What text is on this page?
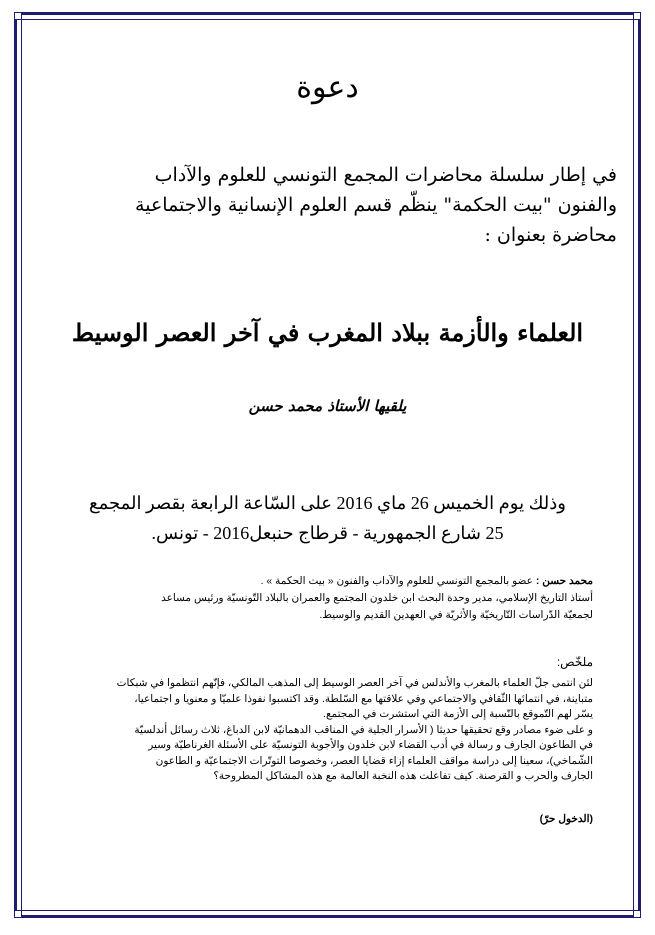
دعوة

في إطار سلسلة محاضرات المجمع التونسي للعلوم والآداب

والفنون "بيت الحكمة" ينظّم قسم العلوم الإنسانية والاجتماعية

محاضرة بعنوان :

العلماء والأزمة ببلاد المغرب في آخر العصر الوسيط
يلقيها الأستاذ محمد حسن

وذلك يوم الخميس 26 ماي 2016 على السّاعة الرابعة بقصر المجمع

25 شارع الجمهورية - قرطاج حنبعل2016 - تونس.

محمد حسن : عضو بالمجمع التونسي للعلوم والآداب والفنون « بيت الحكمة » .

أستاذ التاريخ الإسلامي، مدير وحدة البحث ابن خلدون المجتمع والعمران بالبلاد التّونسيّة ورئيس مساعد

لجمعيّة الدّراسات التّاريخيّة والأثريّة في العهدين القديم والوسيط.

ملخّص:

لئن انتمى جلّ العلماء بالمغرب والأندلس في آخر العصر الوسيط إلى المذهب المالكي، فإنّهم انتظموا في شبكات

متباينة، في انتمائها الثّقافي والاجتماعي وفي علاقتها مع السّلطة. وقد اكتسبوا نفوذا علميّا و معنويا و اجتماعيا،

يسّر لهم التّموقع بالنّسبة إلى الأزمة التي استشرت في المجتمع.

و على ضوء مصادر وقع تحقيقها حديثا ( الأسرار الجلية في المناقب الدهمانيّة لابن الدباغ، ثلاث رسائل أندلسيّة

في الطاعون الجارف و رسالة في أدب القضاء لابن خلدون والأجوبة التونسيّة على الأسئلة الغرناطيّة وسير

الشّماخي)، سعينا إلى دراسة مواقف العلماء إزاء قضايا العصر، وخصوصا التوتّرات الاجتماعيّة و الطاعون

الجارف والحرب و القرصنة. كيف تفاعلت هذه النخبة العالمة مع هذه المشاكل المطروحة؟

(الدخول حرّ)
